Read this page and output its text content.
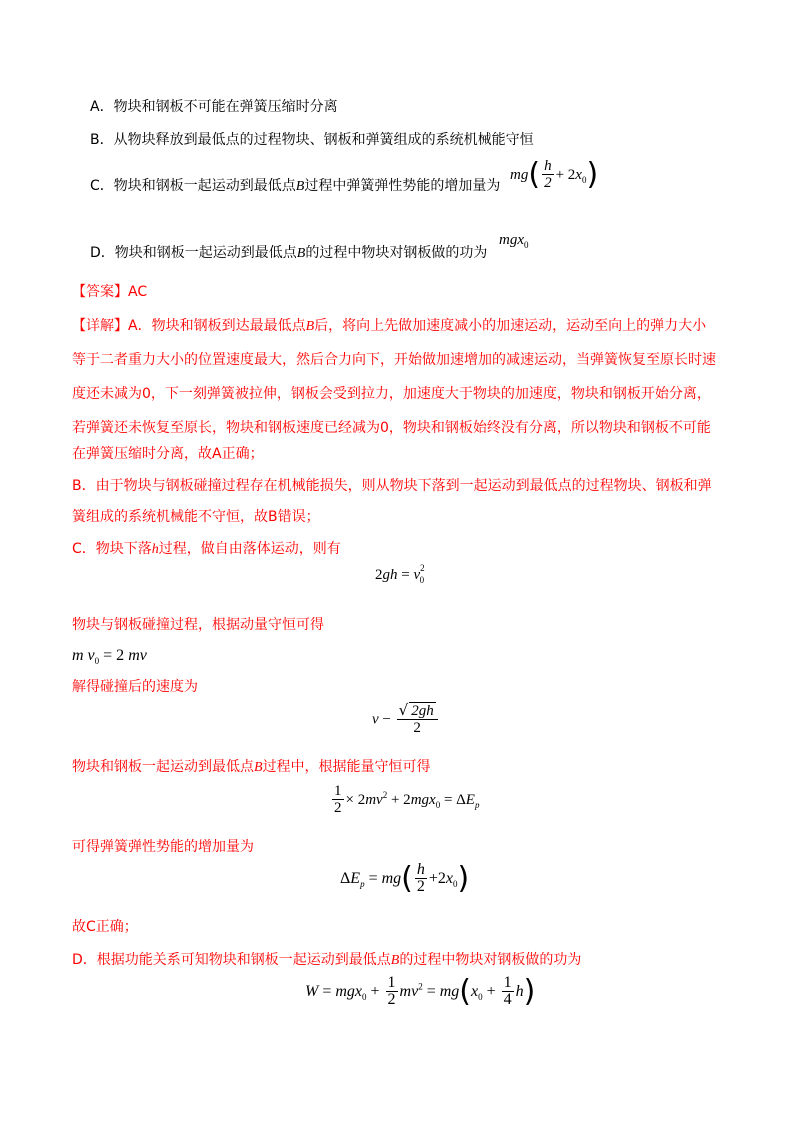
A．物块和钢板不可能在弹簧压缩时分离
B．从物块释放到最低点的过程物块、钢板和弹簧组成的系统机械能守恒
C．物块和钢板一起运动到最低点B过程中弹簧弹性势能的增加量为
$mg( \frac{h}{2} + 2x_0)$
D．物块和钢板一起运动到最低点B的过程中物块对钢板做的功为
mgx$_0$
【答案】AC
【详解】A．物块和钢板到达最最低点B后，将向上先做加速度减小的加速运动，运动至向上的弹力大小
等于二者重力大小的位置速度最大，然后合力向下，开始做加速增加的减速运动，当弹簧恢复至原长时速
度还未减为0，下一刻弹簧被拉伸，钢板会受到拉力，加速度大于物块的加速度，物块和钢板开始分离，
若弹簧还未恢复至原长，物块和钢板速度已经减为0，物块和钢板始终没有分离，所以物块和钢板不可能
在弹簧压缩时分离，故A正确；
B．由于物块与钢板碰撞过程存在机械能损失，则从物块下落到一起运动到最低点的过程物块、钢板和弹
簧组成的系统机械能不守恒，故B错误；
C．物块下落h过程，做自由落体运动，则有
$2gh = v^2_0$
物块与钢板碰撞过程，根据动量守恒可得
m $v_0 = 2$ mv
解得碰撞后的速度为
$v - \frac{√ 2gh}{2}$
物块和钢板一起运动到最低点B过程中，根据能量守恒可得
$\frac{1}{2} \times 2mv^2 + 2mgx_0 = \Delta E_p$
可得弹簧弹性势能的增加量为
$\Delta E_p = mg( \frac{h}{2} +2x_0)$
故C正确；
D．根据功能关系可知物块和钢板一起运动到最低点B的过程中物块对钢板做的功为
$W = mgx_0 + \frac{1}{2} mv^2 = mg(x_0 + \frac{1}{4} h)$
